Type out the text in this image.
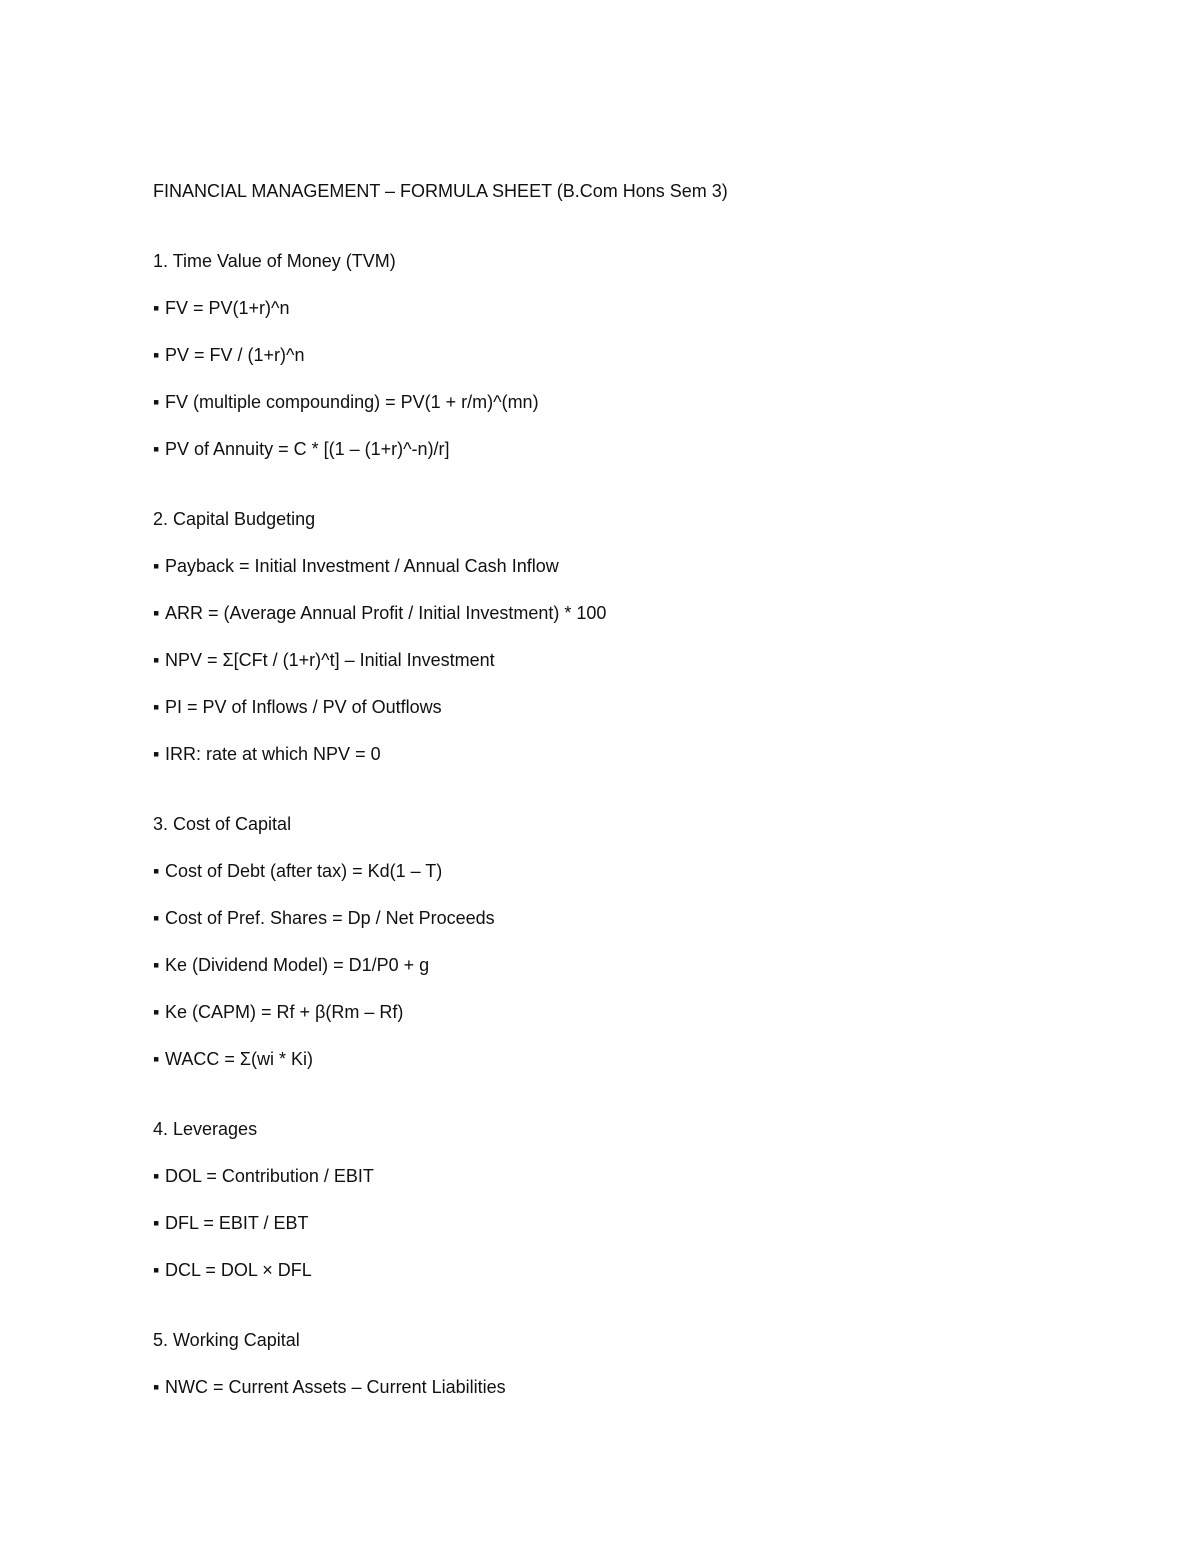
FINANCIAL MANAGEMENT – FORMULA SHEET (B.Com Hons Sem 3)
1. Time Value of Money (TVM)
▪ FV = PV(1+r)^n
▪ PV = FV / (1+r)^n
▪ FV (multiple compounding) = PV(1 + r/m)^(mn)
▪ PV of Annuity = C * [(1 – (1+r)^-n)/r]
2. Capital Budgeting
▪ Payback = Initial Investment / Annual Cash Inflow
▪ ARR = (Average Annual Profit / Initial Investment) * 100
▪ NPV = Σ[CFt / (1+r)^t] – Initial Investment
▪ PI = PV of Inflows / PV of Outflows
▪ IRR: rate at which NPV = 0
3. Cost of Capital
▪ Cost of Debt (after tax) = Kd(1 – T)
▪ Cost of Pref. Shares = Dp / Net Proceeds
▪ Ke (Dividend Model) = D1/P0 + g
▪ Ke (CAPM) = Rf + β(Rm – Rf)
▪ WACC = Σ(wi * Ki)
4. Leverages
▪ DOL = Contribution / EBIT
▪ DFL = EBIT / EBT
▪ DCL = DOL × DFL
5. Working Capital
▪ NWC = Current Assets – Current Liabilities
